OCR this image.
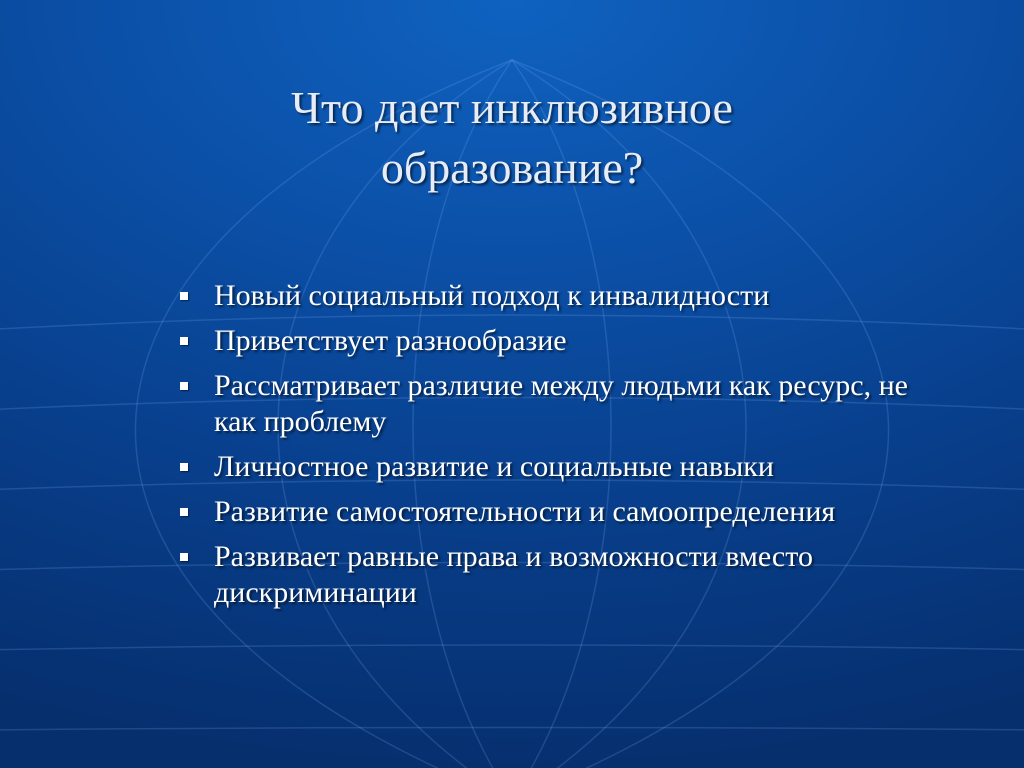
Что дает инклюзивное
образование?
Новый социальный подход к инвалидности
Приветствует разнообразие
Рассматривает различие между людьми как ресурс, не как проблему
Личностное развитие и социальные навыки
Развитие самостоятельности и самоопределения
Развивает равные права и возможности вместо дискриминации
